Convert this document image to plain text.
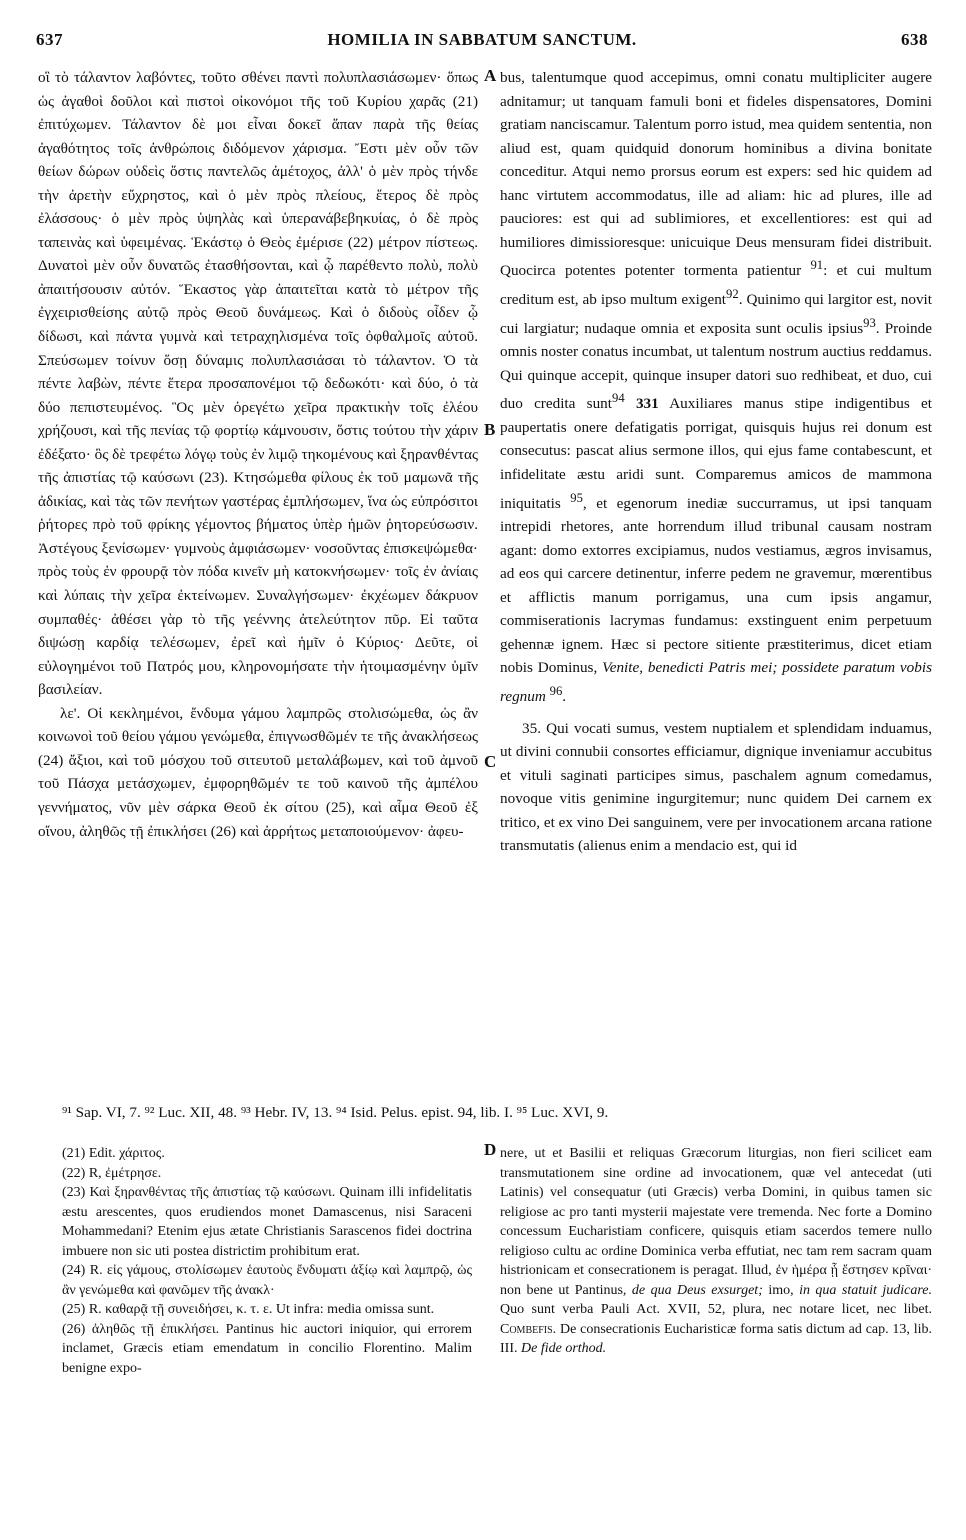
637	HOMILIA IN SABBATUM SANCTUM.	638
A
B
C

οἳ τὸ τάλαντον λαβόντες, τοῦτο σθένει παντὶ πολυπλασιάσωμεν· ὅπως ὡς ἀγαθοὶ δοῦλοι καὶ πιστοὶ οἰκονόμοι τῆς τοῦ Κυρίου χαρᾶς (21) ἐπιτύχωμεν. Τάλαντον δὲ μοι εἶναι δοκεῖ ἅπαν παρὰ τῆς θείας ἀγαθότητος τοῖς ἀνθρώποις διδόμενον χάρισμα. Ἔστι μὲν οὖν τῶν θείων δώρων οὐδεὶς ὅστις παντελῶς ἀμέτοχος, ἀλλ' ὁ μὲν πρὸς τήνδε τὴν ἀρετὴν εὔχρηστος, καὶ ὁ μὲν πρὸς πλείους, ἕτερος δὲ πρὸς ἐλάσσους· ὁ μὲν πρὸς ὑψηλὰς καὶ ὑπερανάβεβηκυίας, ὁ δὲ πρὸς ταπεινὰς καὶ ὑφειμένας. Ἑκάστῳ ὁ Θεὸς ἐμέρισε (22) μέτρον πίστεως. Δυνατοὶ μὲν οὖν δυνατῶς ἐτασθήσονται, καὶ ᾧ παρέθεντο πολὺ, πολὺ ἀπαιτήσουσιν αὐτόν. Ἕκαστος γὰρ ἀπαιτεῖται κατὰ τὸ μέτρον τῆς ἐγχειρισθείσης αὐτῷ πρὸς Θεοῦ δυνάμεως. Καὶ ὁ διδοὺς οἶδεν ᾧ δίδωσι, καὶ πάντα γυμνὰ καὶ τετραχηλισμένα τοῖς ὀφθαλμοῖς αὐτοῦ. Σπεύσωμεν τοίνυν ὅσῃ δύναμις πολυπλασιάσαι τὸ τάλαντον. Ὁ τὰ πέντε λαβὼν, πέντε ἕτερα προσαπονέμοι τῷ δεδωκότι· καὶ δύο, ὁ τὰ δύο πεπιστευμένος. Ὃς μὲν ὀρεγέτω χεῖρα πρακτικὴν τοῖς ἐλέου χρήζουσι, καὶ τῆς πενίας τῷ φορτίῳ κάμνουσιν, ὅστις τούτου τὴν χάριν ἐδέξατο· ὃς δὲ τρεφέτω λόγῳ τοὺς ἐν λιμῷ τηκομένους καὶ ξηρανθέντας τῆς ἀπιστίας τῷ καύσωνι (23). Κτησώμεθα φίλους ἐκ τοῦ μαμωνᾶ τῆς ἀδικίας, καὶ τὰς τῶν πενήτων γαστέρας ἐμπλήσωμεν, ἵνα ὡς εὐπρόσιτοι ῥήτορες πρὸ τοῦ φρίκης γέμοντος βήματος ὑπὲρ ἡμῶν ῥητορεύσωσιν. Ἀστέγους ξενίσωμεν· γυμνοὺς ἀμφιάσωμεν· νοσοῦντας ἐπισκεψώμεθα· πρὸς τοὺς ἐν φρουρᾷ τὸν πόδα κινεῖν μὴ κατοκνήσωμεν· τοῖς ἐν ἀνίαις καὶ λύπαις τὴν χεῖρα ἐκτείνωμεν. Συναλγήσωμεν· ἐκχέωμεν δάκρυον συμπαθές· ἀθέσει γὰρ τὸ τῆς γεέννης ἀτελεύτητον πῦρ. Εἰ ταῦτα διψώσῃ καρδίᾳ τελέσωμεν, ἐρεῖ καὶ ἡμῖν ὁ Κύριος· Δεῦτε, οἱ εὐλογημένοι τοῦ Πατρός μου, κληρονομήσατε τὴν ἡτοιμασμένην ὑμῖν βασιλείαν.

λε'. Οἱ κεκλημένοι, ἔνδυμα γάμου λαμπρῶς στολισώμεθα, ὡς ἂν κοινωνοὶ τοῦ θείου γάμου γενώμεθα, ἐπιγνωσθῶμέν τε τῆς ἀνακλήσεως (24) ἄξιοι, καὶ τοῦ μόσχου τοῦ σιτευτοῦ μεταλάβωμεν, καὶ τοῦ ἀμνοῦ τοῦ Πάσχα μετάσχωμεν, ἐμφορηθῶμέν τε τοῦ καινοῦ τῆς ἀμπέλου γεννήματος, νῦν μὲν σάρκα Θεοῦ ἐκ σίτου (25), καὶ αἷμα Θεοῦ ἐξ οἴνου, ἀληθῶς τῇ ἐπικλήσει (26) καὶ ἀρρήτως μεταποιούμενον· ἀφευ-

bus, talentumque quod accepimus, omni conatu multipliciter augere adnitamur; ut tanquam famuli boni et fideles dispensatores, Domini gratiam nanciscamur. Talentum porro istud, mea quidem sententia, non aliud est, quam quidquid donorum hominibus a divina bonitate conceditur. Atqui nemo prorsus eorum est expers: sed hic quidem ad hanc virtutem accommodatus, ille ad aliam: hic ad plures, ille ad pauciores: est qui ad sublimiores, et excellentiores: est qui ad humiliores dimissioresque: unicuique Deus mensuram fidei distribuit. Quocirca potentes potenter tormenta patientur $^{91}$: et cui multum creditum est, ab ipso multum exigent$^{92}$. Quinimo qui largitor est, novit cui largiatur; nudaque omnia et exposita sunt oculis ipsius$^{93}$. Proinde omnis noster conatus incumbat, ut talentum nostrum auctius reddamus. Qui quinque accepit, quinque insuper datori suo redhibeat, et duo, cui duo credita sunt$^{94}$ 331 Auxiliares manus stipe indigentibus et paupertatis onere defatigatis porrigat, quisquis hujus rei donum est consecutus: pascat alius sermone illos, qui ejus fame contabescunt, et infidelitate æstu aridi sunt. Comparemus amicos de mammona iniquitatis $^{95}$, et egenorum inediæ succurramus, ut ipsi tanquam intrepidi rhetores, ante horrendum illud tribunal causam nostram agant: domo extorres excipiamus, nudos vestiamus, ægros invisamus, ad eos qui carcere detinentur, inferre pedem ne gravemur, mœrentibus et afflictis manum porrigamus, una cum ipsis angamur, commiserationis lacrymas fundamus: exstinguent enim perpetuum gehennæ ignem. Hæc si pectore sitiente præstiterimus, dicet etiam nobis Dominus, Venite, benedicti Patris mei; possidete paratum vobis regnum $^{96}$.

35. Qui vocati sumus, vestem nuptialem et splendidam induamus, ut divini connubii consortes efficiamur, dignique inveniamur accubitus et vituli saginati participes simus, paschalem agnum comedamus, novoque vitis genimine ingurgitemur; nunc quidem Dei carnem ex tritico, et ex vino Dei sanguinem, vere per invocationem arcana ratione transmutatis (alienus enim a mendacio est, qui id

⁹¹ Sap. VI, 7. ⁹² Luc. XII, 48. ⁹³ Hebr. IV, 13. ⁹⁴ Isid. Pelus. epist. 94, lib. I. ⁹⁵ Luc. XVI, 9.

(21) Edit. χάριτος.

(22) R, ἐμέτρησε.

(23) Καὶ ξηρανθέντας τῆς ἀπιστίας τῷ καύσωνι. Quinam illi infidelitatis æstu arescentes, quos erudiendos monet Damascenus, nisi Saraceni Mohammedani? Etenim ejus ætate Christianis Sarascenos fidei doctrina imbuere non sic uti postea districtim prohibitum erat.

(24) R. εἰς γάμους, στολίσωμεν ἑαυτοὺς ἔνδυματι ἀξίῳ καὶ λαμπρῷ, ὡς ἂν γενώμεθα καὶ φανῶμεν τῆς ἀνακλ·

(25) R. καθαρᾷ τῇ συνειδήσει, κ. τ. ε. Ut infra: media omissa sunt.

(26) ἀληθῶς τῇ ἐπικλήσει. Pantinus hic auctori iniquior, qui errorem inclamet, Græcis etiam emendatum in concilio Florentino. Malim benigne expo-

D nere, ut et Basilii et reliquas Græcorum liturgias, non fieri scilicet eam transmutationem sine ordine ad invocationem, quæ vel antecedat (uti Latinis) vel consequatur (uti Græcis) verba Domini, in quibus tamen sic religiose ac pro tanti mysterii majestate vere tremenda. Nec forte a Domino concessum Eucharistiam conficere, quisquis etiam sacerdos temere nullo religioso cultu ac ordine Dominica verba effutiat, nec tam rem sacram quam histrionicam et consecrationem is peragat. Illud, ἐν ἡμέρα ᾗ ἔστησεν κρῖναι· non bene ut Pantinus, de qua Deus exsurget; imo, in qua statuit judicare. Quo sunt verba Pauli Act. XVII, 52, plura, nec notare licet, nec libet. Combefis. De consecrationis Eucharisticæ forma satis dictum ad cap. 13, lib. III. De fide orthod.
